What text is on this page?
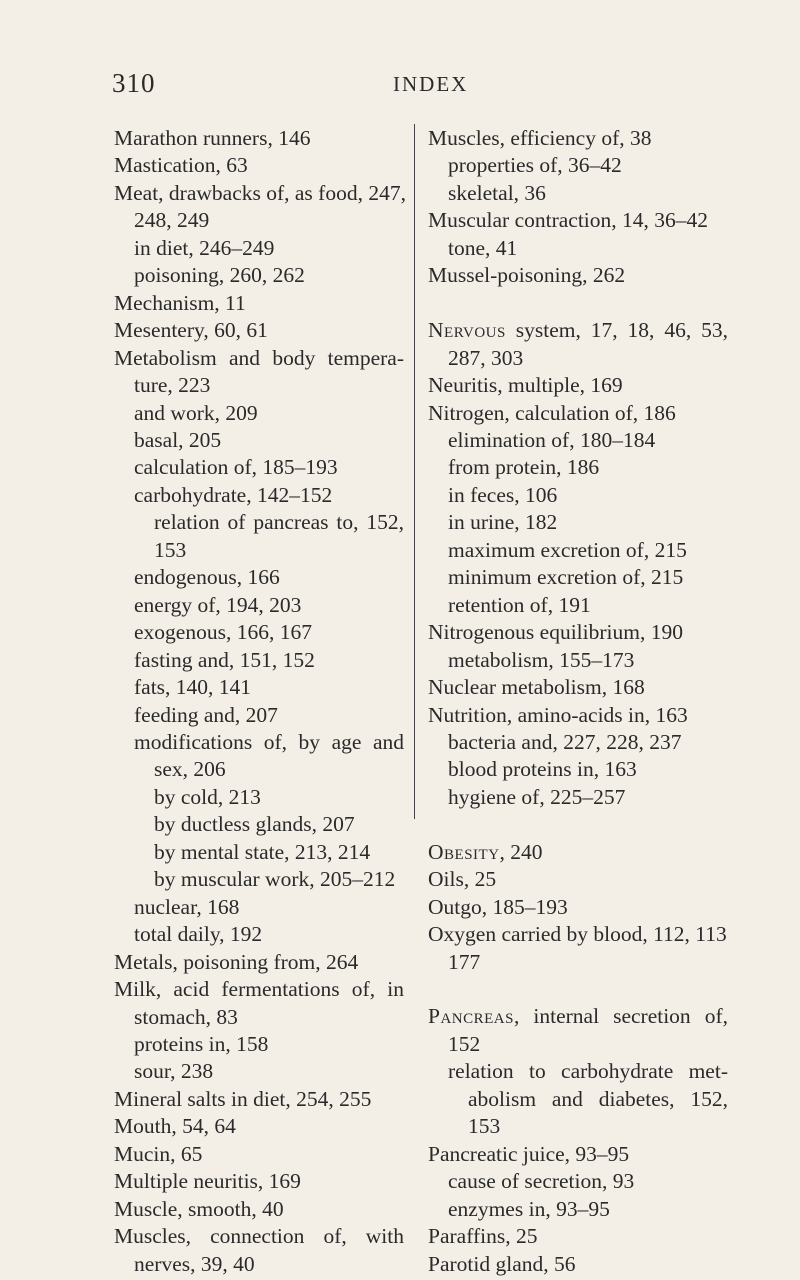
310	INDEX
Marathon runners, 146
Mastication, 63
Meat, drawbacks of, as food, 247,
248, 249
in diet, 246–249
poisoning, 260, 262
Mechanism, 11
Mesentery, 60, 61
Metabolism and body tempera-
ture, 223
and work, 209
basal, 205
calculation of, 185–193
carbohydrate, 142–152
relation of pancreas to, 152,
153
endogenous, 166
energy of, 194, 203
exogenous, 166, 167
fasting and, 151, 152
fats, 140, 141
feeding and, 207
modifications of, by age and
sex, 206
by cold, 213
by ductless glands, 207
by mental state, 213, 214
by muscular work, 205–212
nuclear, 168
total daily, 192
Metals, poisoning from, 264
Milk, acid fermentations of, in
stomach, 83
proteins in, 158
sour, 238
Mineral salts in diet, 254, 255
Mouth, 54, 64
Mucin, 65
Multiple neuritis, 169
Muscle, smooth, 40
Muscles, connection of, with
nerves, 39, 40
Muscles, efficiency of, 38
properties of, 36–42
skeletal, 36
Muscular contraction, 14, 36–42
tone, 41
Mussel-poisoning, 262
Nervous system, 17, 18, 46, 53,
287, 303
Neuritis, multiple, 169
Nitrogen, calculation of, 186
elimination of, 180–184
from protein, 186
in feces, 106
in urine, 182
maximum excretion of, 215
minimum excretion of, 215
retention of, 191
Nitrogenous equilibrium, 190
metabolism, 155–173
Nuclear metabolism, 168
Nutrition, amino-acids in, 163
bacteria and, 227, 228, 237
blood proteins in, 163
hygiene of, 225–257
Obesity, 240
Oils, 25
Outgo, 185–193
Oxygen carried by blood, 112, 113
177
Pancreas, internal secretion of,
152
relation to carbohydrate met-
abolism and diabetes, 152,
153
Pancreatic juice, 93–95
cause of secretion, 93
enzymes in, 93–95
Paraffins, 25
Parotid gland, 56
